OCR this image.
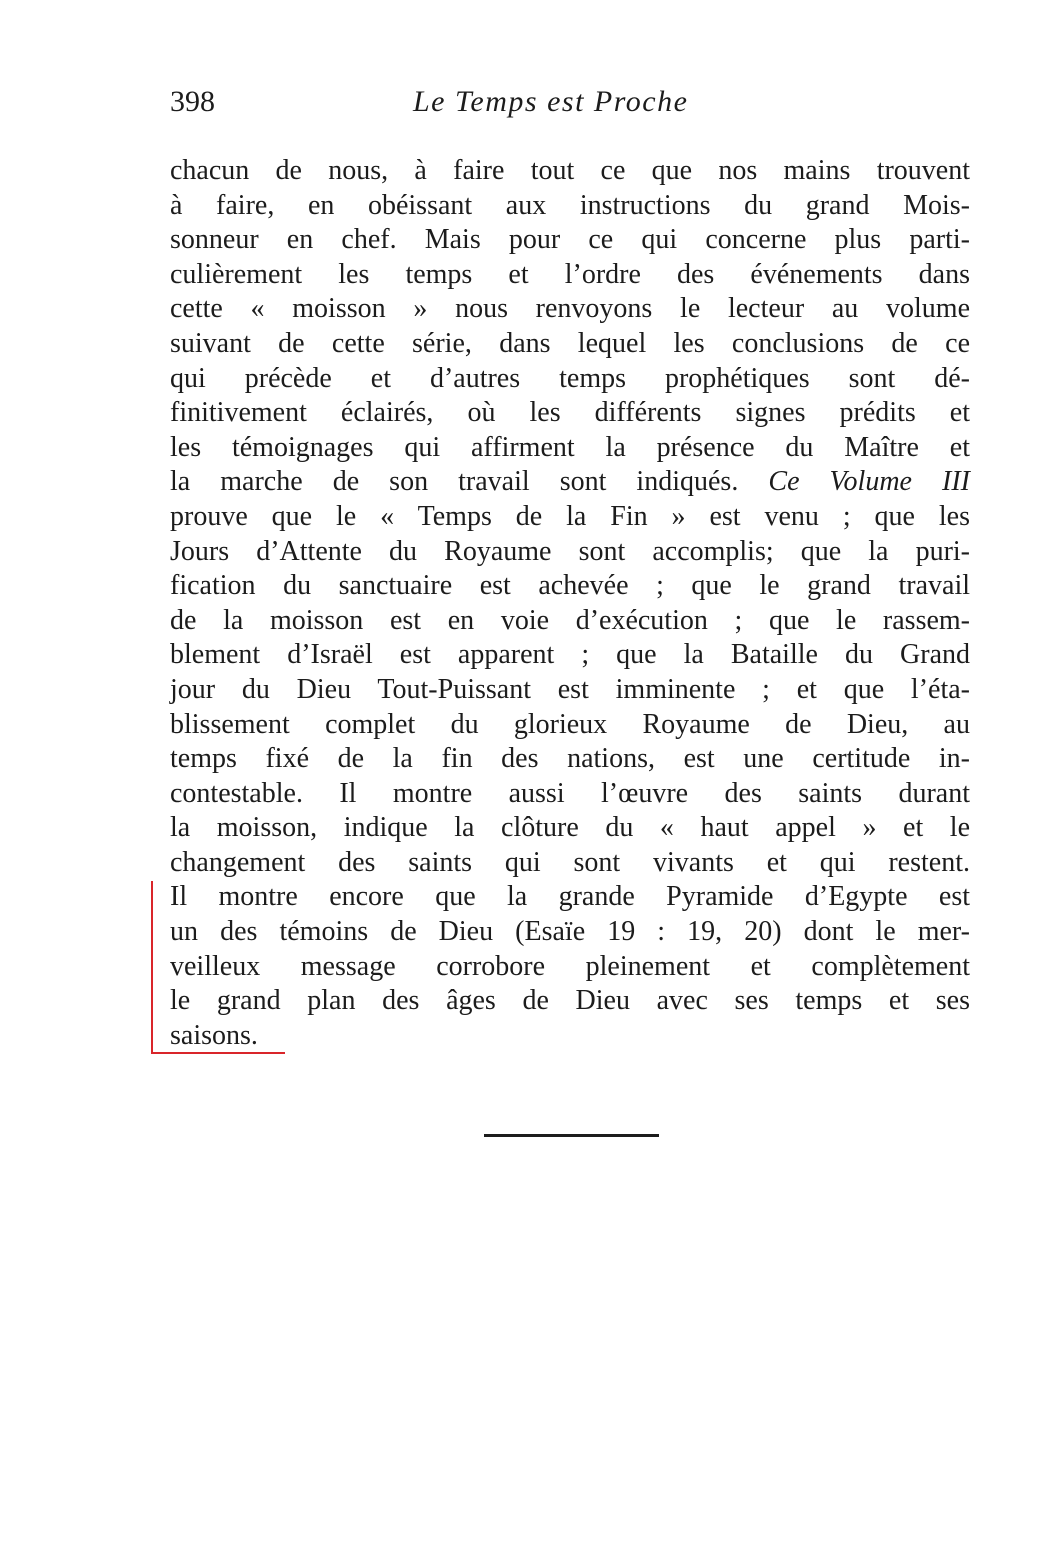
398	Le Temps est Proche
chacun de nous, à faire tout ce que nos mains trouvent
à faire, en obéissant aux instructions du grand Mois-
sonneur en chef. Mais pour ce qui concerne plus parti-
culièrement les temps et l’ordre des événements dans
cette « moisson » nous renvoyons le lecteur au volume
suivant de cette série, dans lequel les conclusions de ce
qui précède et d’autres temps prophétiques sont dé-
finitivement éclairés, où les différents signes prédits et
les témoignages qui affirment la présence du Maître et
la marche de son travail sont indiqués. Ce Volume III
prouve que le « Temps de la Fin » est venu ; que les
Jours d’Attente du Royaume sont accomplis; que la puri-
fication du sanctuaire est achevée ; que le grand travail
de la moisson est en voie d’exécution ; que le rassem-
blement d’Israël est apparent ; que la Bataille du Grand
jour du Dieu Tout-Puissant est imminente ; et que l’éta-
blissement complet du glorieux Royaume de Dieu, au
temps fixé de la fin des nations, est une certitude in-
contestable. Il montre aussi l’œuvre des saints durant
la moisson, indique la clôture du « haut appel » et le
changement des saints qui sont vivants et qui restent.
Il montre encore que la grande Pyramide d’Egypte est
un des témoins de Dieu (Esaïe 19 : 19, 20) dont le mer-
veilleux message corrobore pleinement et complètement
le grand plan des âges de Dieu avec ses temps et ses
saisons.
